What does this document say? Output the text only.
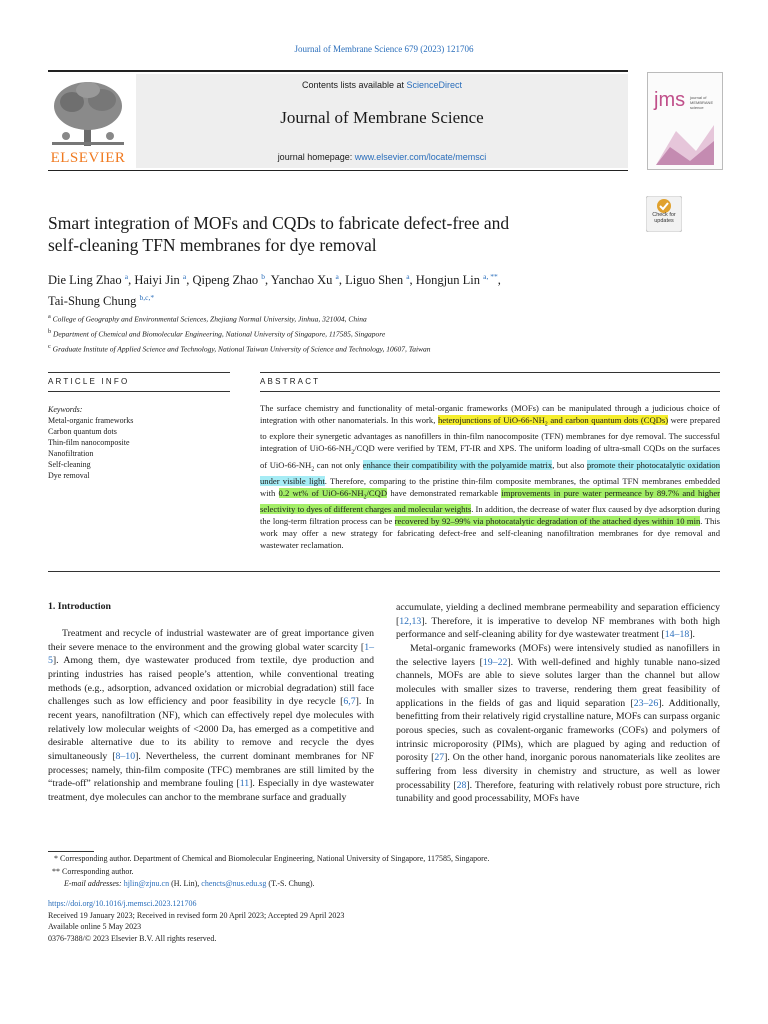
Journal of Membrane Science 679 (2023) 121706
ELSEVIER
Contents lists available at ScienceDirect
Journal of Membrane Science
journal homepage: www.elsevier.com/locate/memsci
jms journal of MEMBRANE science
Check for updates
Smart integration of MOFs and CQDs to fabricate defect-free and
self-cleaning TFN membranes for dye removal
Die Ling Zhao $^a$, Haiyi Jin $^a$, Qipeng Zhao $^b$, Yanchao Xu $^a$, Liguo Shen $^a$, Hongjun Lin $^{a, **}$,
Tai-Shung Chung $^{b,c,*}$
$^a$ College of Geography and Environmental Sciences, Zhejiang Normal University, Jinhua, 321004, China
$^b$ Department of Chemical and Biomolecular Engineering, National University of Singapore, 117585, Singapore
$^c$ Graduate Institute of Applied Science and Technology, National Taiwan University of Science and Technology, 10607, Taiwan
ARTICLE INFO
Keywords:
Metal-organic frameworks
Carbon quantum dots
Thin-film nanocomposite
Nanofiltration
Self-cleaning
Dye removal
ABSTRACT
The surface chemistry and functionality of metal-organic frameworks (MOFs) can be manipulated through a judicious choice of integration with other nanomaterials. In this work, heterojunctions of UiO-$66-NH_2$ and carbon quantum dots (CQDs) were prepared to explore their synergetic advantages as nanofillers in thin-film nanocomposite (TFN) membranes for dye removal. The successful integration of UiO-$66-NH_2$/CQD were verified by TEM, FT-IR and XPS. The uniform loading of ultra-small CQDs on the surfaces of UiO-$66-NH_2$ can not only enhance their compatibility with the polyamide matrix, but also promote their photocatalytic oxidation under visible light. Therefore, comparing to the pristine thin-film composite membranes, the optimal TFN membranes embedded with 0.2 wt% of UiO-$66-NH_2$/CQD have demonstrated remarkable improvements in pure water permeance by 89.7% and higher selectivity to dyes of different charges and molecular weights. In addition, the decrease of water flux caused by dye adsorption during the long-term filtration process can be recovered by 92–99% via photocatalytic degradation of the attached dyes within 10 min. This work may offer a new strategy for fabricating defect-free and self-cleaning nanofiltration membranes for dye removal and wastewater reclamation.
1. Introduction

Treatment and recycle of industrial wastewater are of great importance given their severe menace to the environment and the growing global water scarcity [1–5]. Among them, dye wastewater produced from textile, dye production and printing industries has raised people’s attention, while conventional treating methods (e.g., adsorption, advanced oxidation or microbial degradation) still face challenges such as low efficiency and poor feasibility in dye recycle [6,7]. In recent years, nanofiltration (NF), which can effectively repel dye molecules with relatively low molecular weights of <2000 Da, has emerged as a competitive and desirable alternative due to its ability to remove and recycle the dyes simultaneously [8–10]. Nevertheless, the current dominant membranes for NF processes; namely, thin-film composite (TFC) membranes are still limited by the “trade-off” relationship and membrane fouling [11]. Especially in dye wastewater treatment, dye molecules can anchor to the membrane surface and gradually

accumulate, yielding a declined membrane permeability and separation efficiency [12,13]. Therefore, it is imperative to develop NF membranes with both high performance and self-cleaning ability for dye wastewater treatment [14–18].

Metal-organic frameworks (MOFs) were intensively studied as nanofillers in the selective layers [19–22]. With well-defined and highly tunable nano-sized channels, MOFs are able to sieve solutes larger than the channel but allow molecules with smaller sizes to traverse, rendering them great feasibility of applications in the fields of gas and liquid separation [23–26]. Additionally, benefitting from their relatively rigid crystalline nature, MOFs can surpass organic porous species, such as covalent-organic frameworks (COFs) and polymers of intrinsic microporosity (PIMs), which are plagued by aging and reduction of porosity [27]. On the other hand, inorganic porous nanomaterials like zeolites are suffering from less diversity in chemistry and structure, as well as lower processability [28]. Therefore, featuring with relatively robust pore structure, rich tunability and good processability, MOFs have

* Corresponding author. Department of Chemical and Biomolecular Engineering, National University of Singapore, 117585, Singapore.
** Corresponding author.
E-mail addresses: hjlin@zjnu.cn (H. Lin), chencts@nus.edu.sg (T.-S. Chung).
https://doi.org/10.1016/j.memsci.2023.121706
Received 19 January 2023; Received in revised form 20 April 2023; Accepted 29 April 2023
Available online 5 May 2023
0376-7388/© 2023 Elsevier B.V. All rights reserved.
